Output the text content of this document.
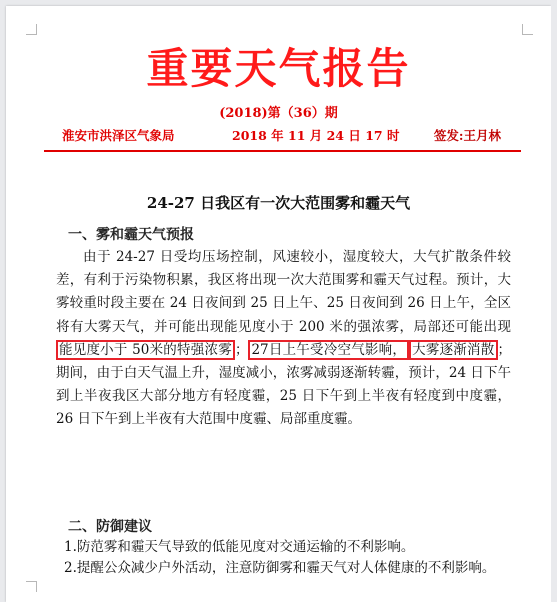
重要天气报告
(2018)第（36）期
淮安市洪泽区气象局	2018 年 11 月 24 日 17 时	签发:王月林
24-27 日我区有一次大范围雾和霾天气
一、雾和霾天气预报

由于 24-27 日受均压场控制，风速较小，湿度较大，大气扩散条件较差，有利于污染物积累，我区将出现一次大范围雾和霾天气过程。预计，大雾较重时段主要在 24 日夜间到 25 日上午、25 日夜间到 26 日上午，全区将有大雾天气，并可能出现能见度小于 200 米的强浓雾，局部还可能出现能见度小于 50米的特强浓雾 ； 27日上午受冷空气影响， 大雾逐渐消散 ；期间，由于白天气温上升，湿度减小，浓雾减弱逐渐转霾，预计，24 日下午到上半夜我区大部分地方有轻度霾，25 日下午到上半夜有轻度到中度霾，26 日下午到上半夜有大范围中度霾、局部重度霾。

二、防御建议
1.防范雾和霾天气导致的低能见度对交通运输的不利影响。
2.提醒公众减少户外活动，注意防御雾和霾天气对人体健康的不利影响。
